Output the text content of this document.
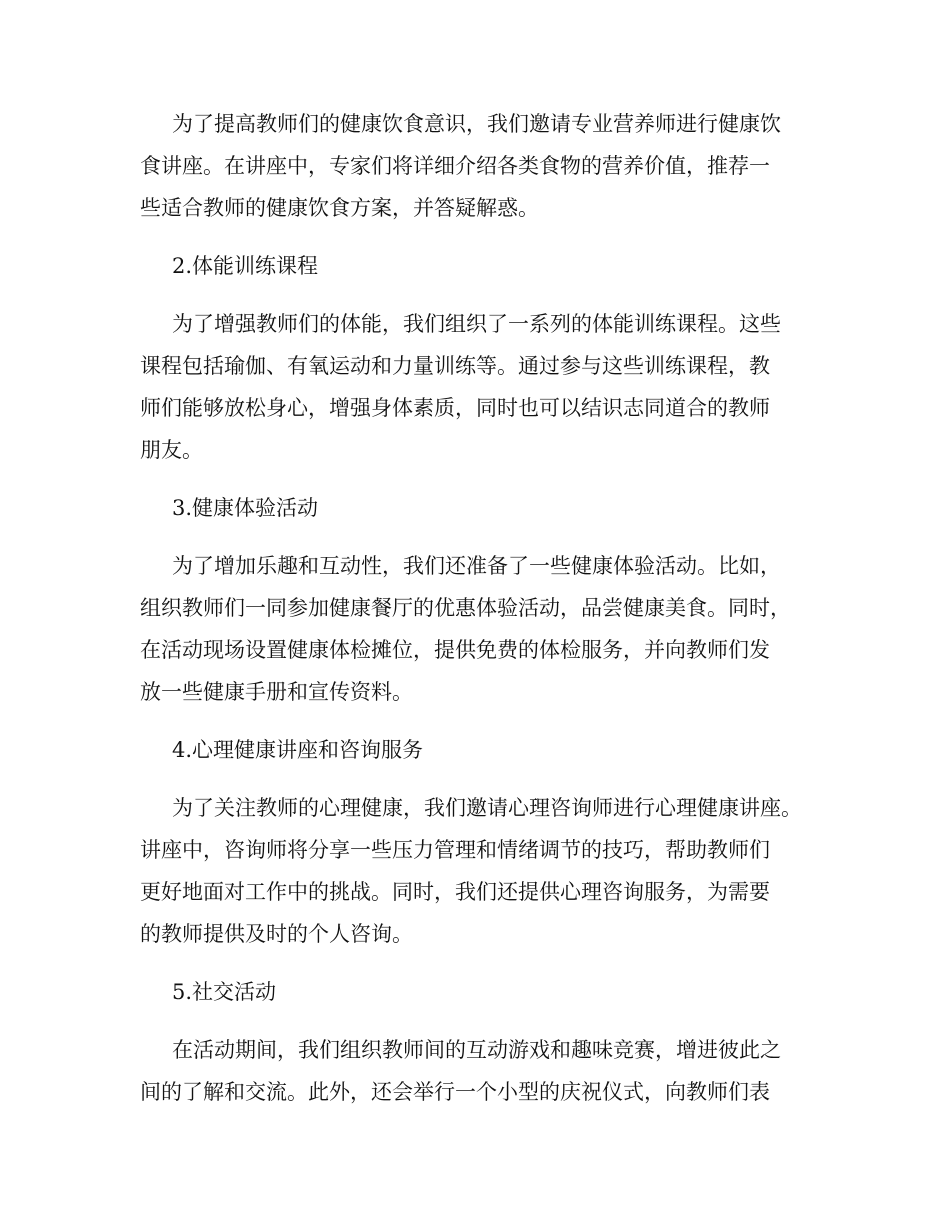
为了提高教师们的健康饮食意识，我们邀请专业营养师进行健康饮

食讲座。在讲座中，专家们将详细介绍各类食物的营养价值，推荐一

些适合教师的健康饮食方案，并答疑解惑。

2.体能训练课程

为了增强教师们的体能，我们组织了一系列的体能训练课程。这些

课程包括瑜伽、有氧运动和力量训练等。通过参与这些训练课程，教

师们能够放松身心，增强身体素质，同时也可以结识志同道合的教师

朋友。

3.健康体验活动

为了增加乐趣和互动性，我们还准备了一些健康体验活动。比如，

组织教师们一同参加健康餐厅的优惠体验活动，品尝健康美食。同时，

在活动现场设置健康体检摊位，提供免费的体检服务，并向教师们发

放一些健康手册和宣传资料。

4.心理健康讲座和咨询服务

为了关注教师的心理健康，我们邀请心理咨询师进行心理健康讲座。

讲座中，咨询师将分享一些压力管理和情绪调节的技巧，帮助教师们

更好地面对工作中的挑战。同时，我们还提供心理咨询服务，为需要

的教师提供及时的个人咨询。

5.社交活动

在活动期间，我们组织教师间的互动游戏和趣味竞赛，增进彼此之

间的了解和交流。此外，还会举行一个小型的庆祝仪式，向教师们表
